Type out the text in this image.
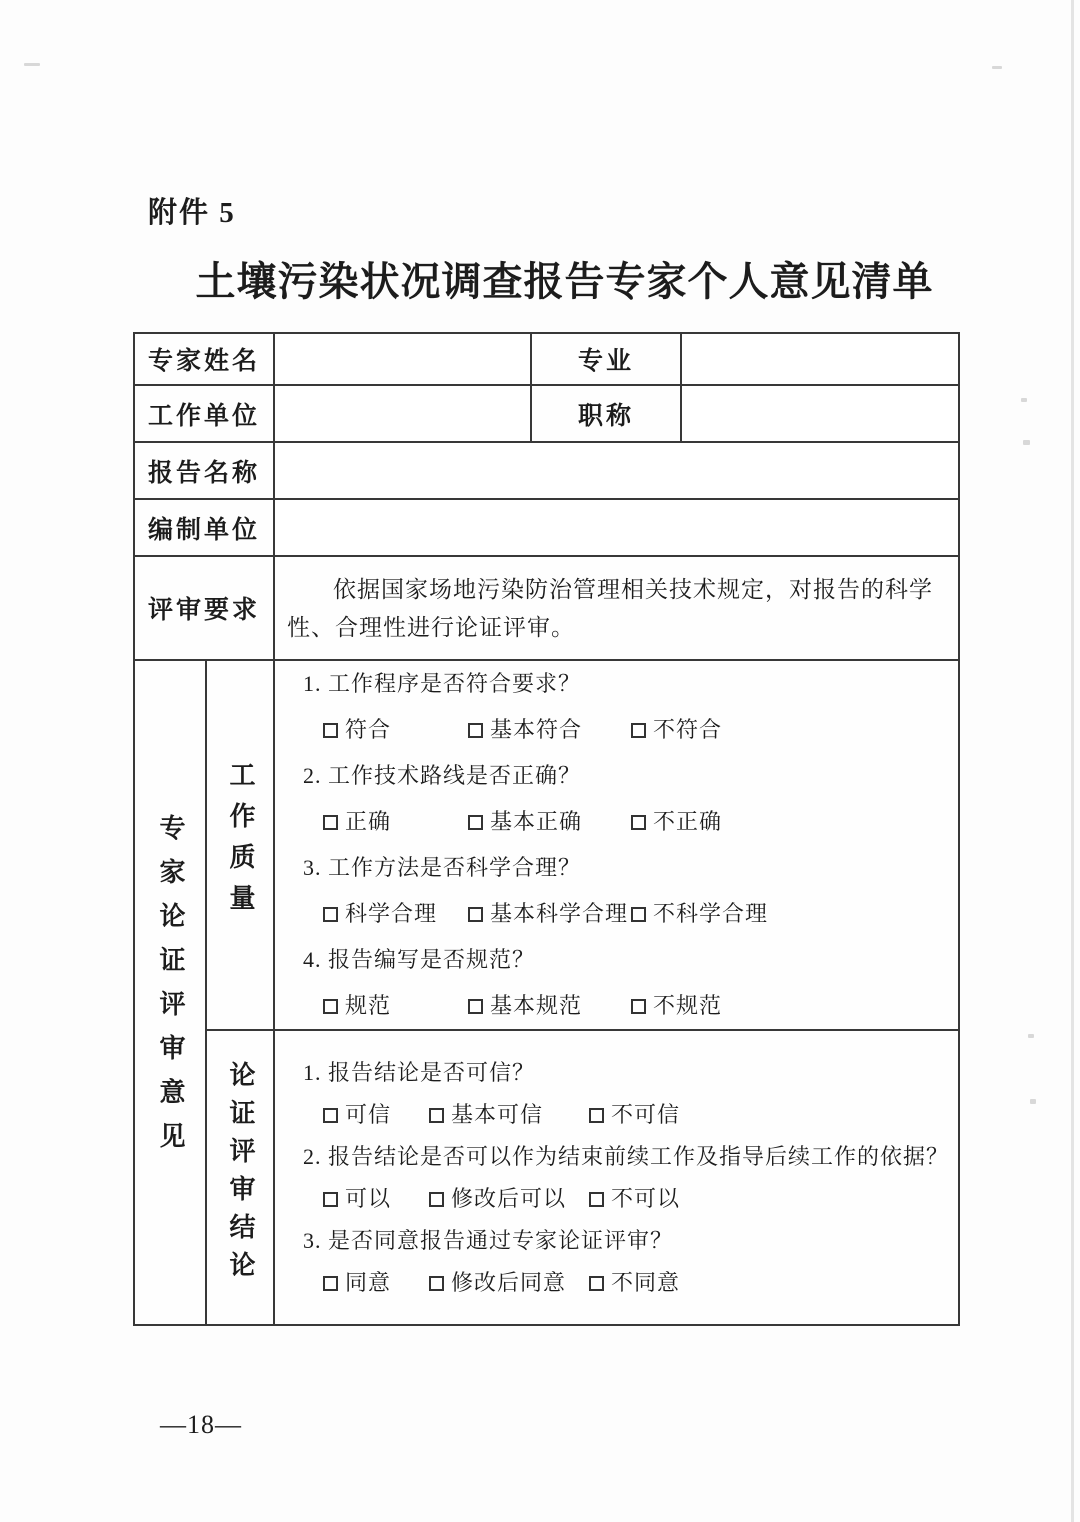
附件 5
土壤污染状况调查报告专家个人意见清单
专家姓名			专业	
工作单位			职称	
报告名称				
编制单位				
评审要求		依据国家场地污染防治管理相关技术规定，对报告的科学性、合理性进行论证评审。		

专家论证评审意见	工作质量	
1. 工作程序是否符合要求？
符合	基本符合	不符合
2. 工作技术路线是否正确？
正确	基本正确	不正确
3. 工作方法是否科学合理？
科学合理 基本科学合理 不科学合理
4. 报告编写是否规范？
规范	基本规范	不规范

论证评审结论	1. 报告结论是否可信？
可信	基本可信	不可信
2. 报告结论是否可以作为结束前续工作及指导后续工作的依据？
可以	修改后可以 不可以
3. 是否同意报告通过专家论证评审？
同意	修改后同意 不同意
—18—
